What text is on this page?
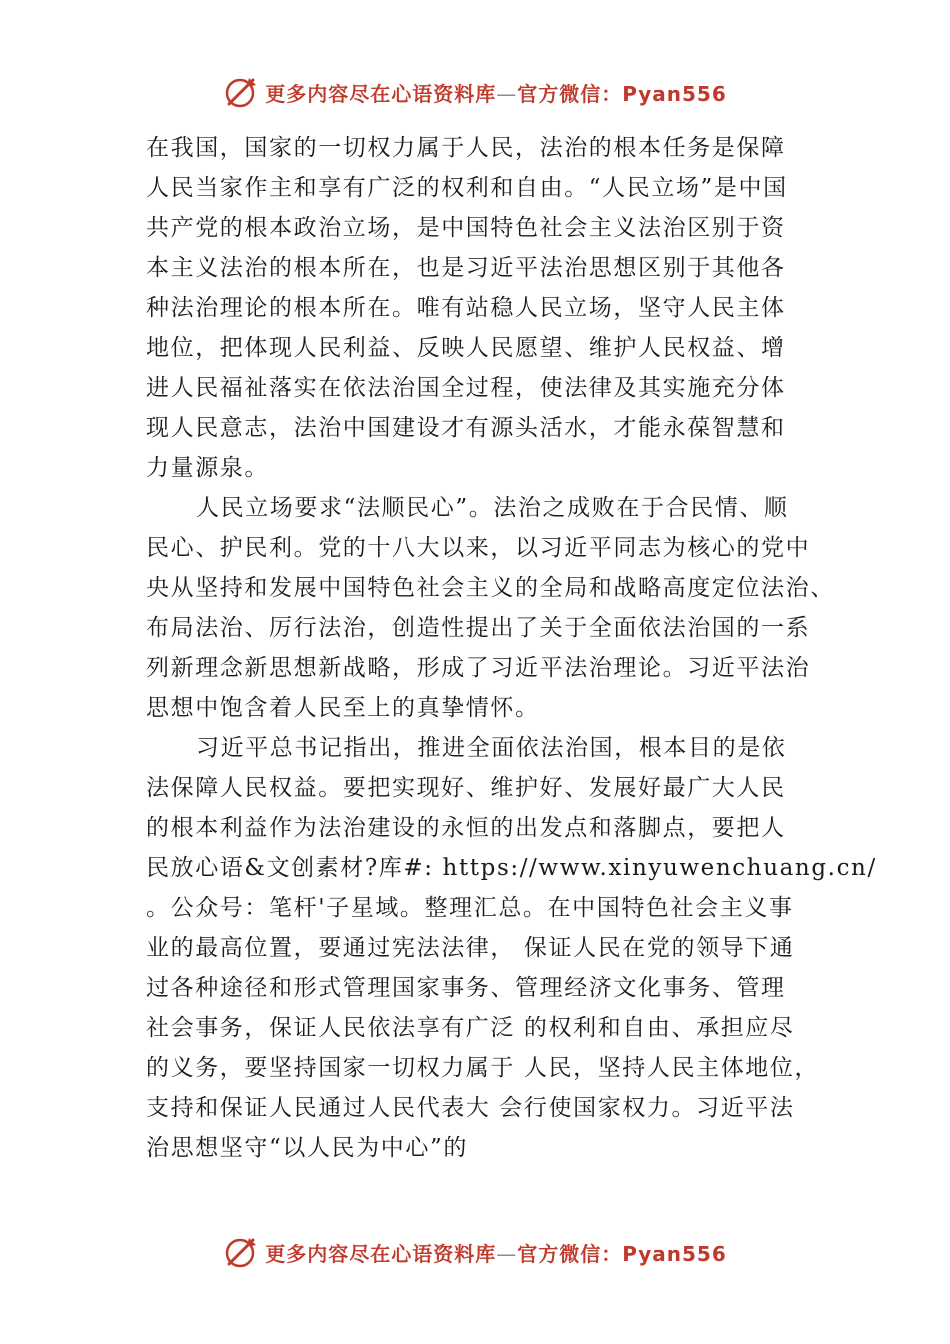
更多内容尽在心语资料库—官方微信：Pyan556
在我国，国家的一切权力属于人民，法治的根本任务是保障
人民当家作主和享有广泛的权利和自由。“人民立场”是中国
共产党的根本政治立场，是中国特色社会主义法治区别于资
本主义法治的根本所在，也是习近平法治思想区别于其他各
种法治理论的根本所在。唯有站稳人民立场，坚守人民主体
地位，把体现人民利益、反映人民愿望、维护人民权益、增
进人民福祉落实在依法治国全过程，使法律及其实施充分体
现人民意志，法治中国建设才有源头活水，才能永葆智慧和
力量源泉。
人民立场要求“法顺民心”。法治之成败在于合民情、顺
民心、护民利。党的十八大以来，以习近平同志为核心的党中
央从坚持和发展中国特色社会主义的全局和战略高度定位法治、
布局法治、厉行法治，创造性提出了关于全面依法治国的一系
列新理念新思想新战略，形成了习近平法治理论。习近平法治
思想中饱含着人民至上的真挚情怀。
习近平总书记指出，推进全面依法治国，根本目的是依
法保障人民权益。要把实现好、维护好、发展好最广大人民
的根本利益作为法治建设的永恒的出发点和落脚点，要把人
民放心语&文创素材?库#: https://www.xinyuwenchuang.cn/
。公众号：笔杆'子星域。整理汇总。在中国特色社会主义事
业的最高位置，要通过宪法法律， 保证人民在党的领导下通
过各种途径和形式管理国家事务、管理经济文化事务、管理
社会事务，保证人民依法享有广泛 的权利和自由、承担应尽
的义务，要坚持国家一切权力属于 人民，坚持人民主体地位，
支持和保证人民通过人民代表大 会行使国家权力。习近平法
治思想坚守“以人民为中心”的
更多内容尽在心语资料库—官方微信：Pyan556
